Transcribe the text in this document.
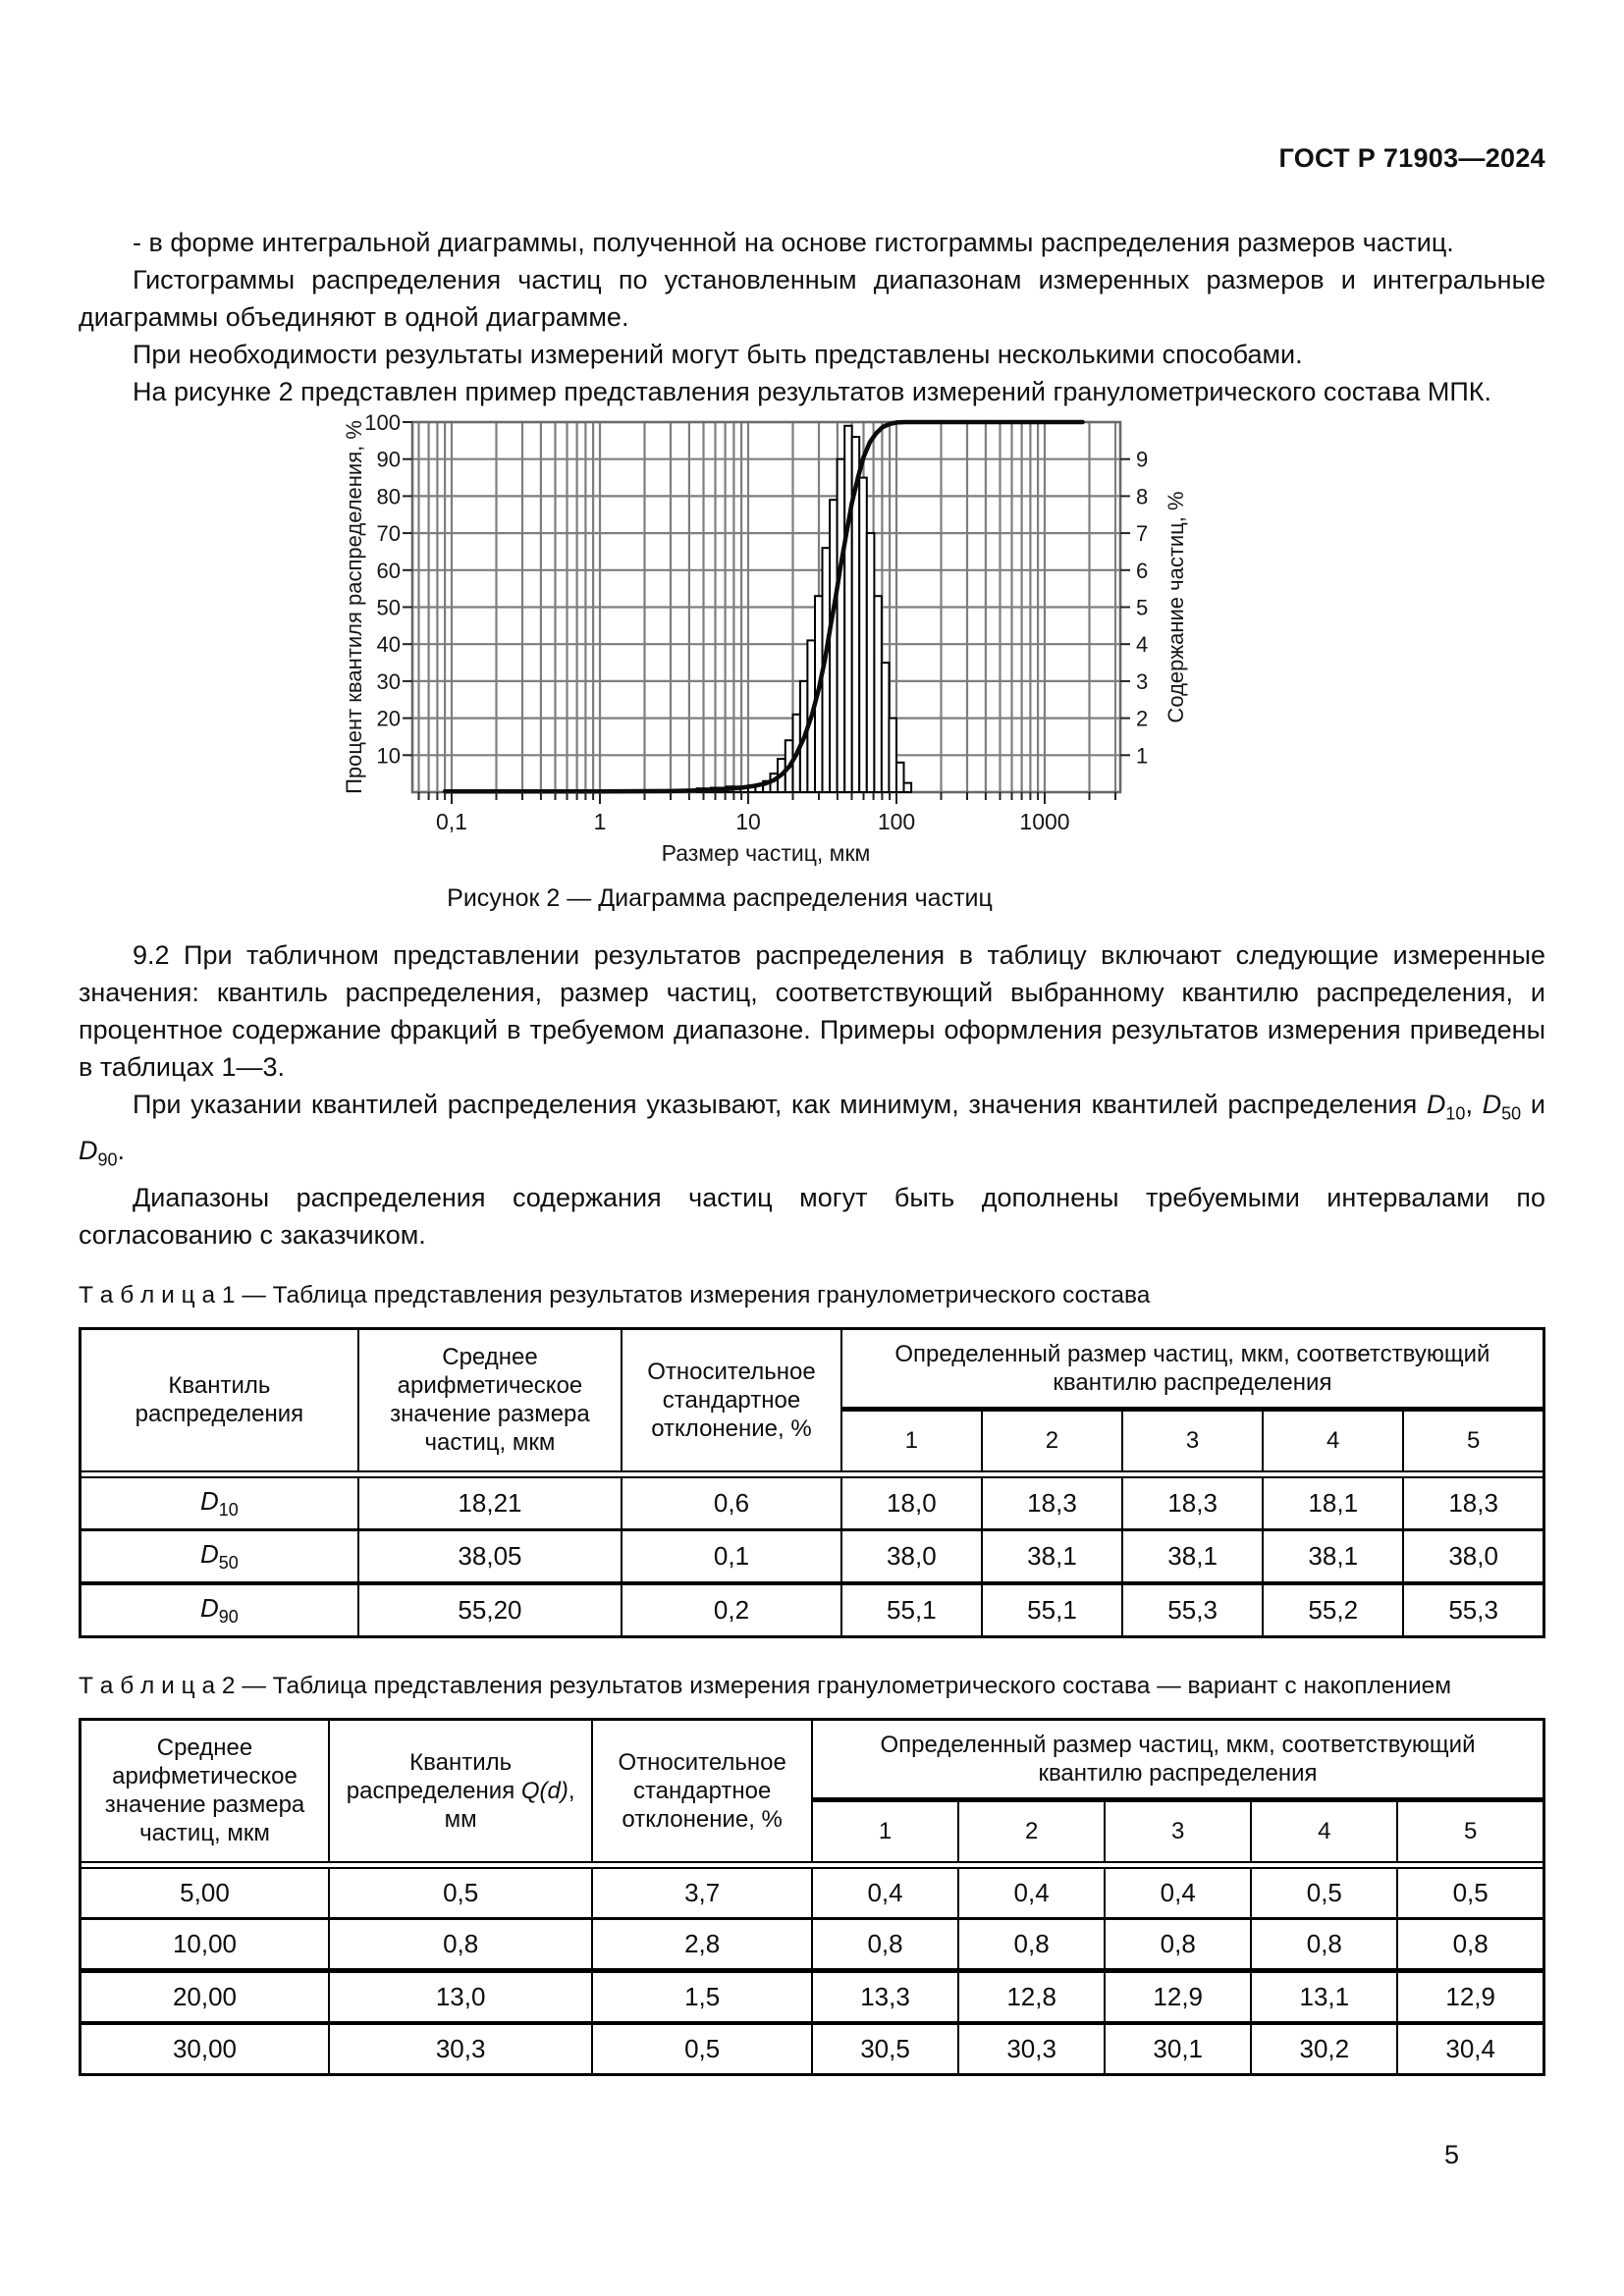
ГОСТ Р 71903—2024

- в форме интегральной диаграммы, полученной на основе гистограммы распределения размеров частиц.

Гистограммы распределения частиц по установленным диапазонам измеренных размеров и интегральные диаграммы объединяют в одной диаграмме.

При необходимости результаты измерений могут быть представлены несколькими способами.

На рисунке 2 представлен пример представления результатов измерений гранулометрического состава МПК.

10
20
30
40
50
60
70
80
90
100
1
2
3
4
5
6
7
8
9
0,1	1	10	100	1000
Процент квантиля распределения, %	Содержание частиц, %
Размер частиц, мкм
Рисунок 2 — Диаграмма распределения частиц

9.2 При табличном представлении результатов распределения в таблицу включают следующие измеренные значения: квантиль распределения, размер частиц, соответствующий выбранному квантилю распределения, и процентное содержание фракций в требуемом диапазоне. Примеры оформления результатов измерения приведены в таблицах 1—3.

При указании квантилей распределения указывают, как минимум, значения квантилей распределения $D_{10}$, $D_{50}$ и $D_{90}$.

Диапазоны распределения содержания частиц могут быть дополнены требуемыми интервалами по согласованию с заказчиком.

Т а б л и ц а 1 — Таблица представления результатов измерения гранулометрического состава

Квантиль распределения	Среднее арифметическое значение размера частиц, мкм	Относительное стандартное отклонение, %	Определенный размер частиц, мкм, соответствующий квантилю распределения				
			1	2	3	4	5

$D_{10}$	18,21	0,6	18,0	18,3	18,3	18,1	18,3
$D_{50}$	38,05	0,1	38,0	38,1	38,1	38,1	38,0
$D_{90}$	55,20	0,2	55,1	55,1	55,3	55,2	55,3

Т а б л и ц а 2 — Таблица представления результатов измерения гранулометрического состава — вариант с накоплением

Среднее арифметическое значение размера частиц, мкм	Квантиль распределения Q(d), мм	Относительное стандартное отклонение, %	Определенный размер частиц, мкм, соответствующий квантилю распределения				
			1	2	3	4	5

5,00	0,5	3,7	0,4	0,4	0,4	0,5	0,5
10,00	0,8	2,8	0,8	0,8	0,8	0,8	0,8
20,00	13,0	1,5	13,3	12,8	12,9	13,1	12,9
30,00	30,3	0,5	30,5	30,3	30,1	30,2	30,4
5
